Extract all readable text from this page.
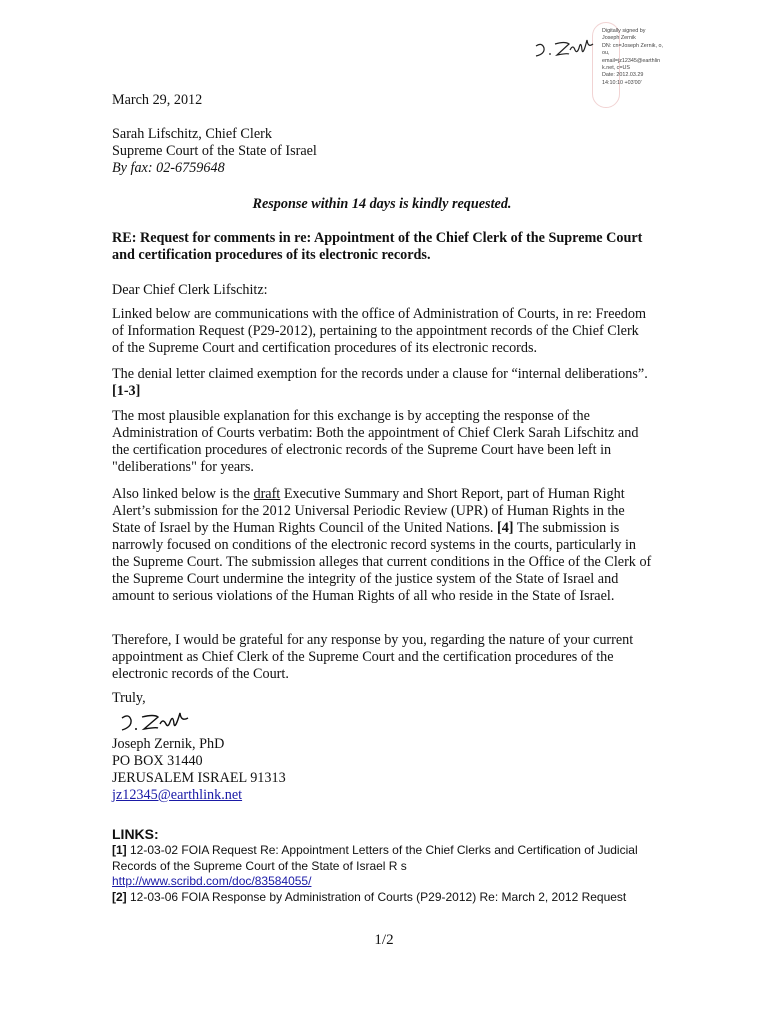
Digitally signed by
Joseph Zernik
DN: cn=Joseph Zernik, o,
ou,
email=jz12345@earthlin
k.net, c=US
Date: 2012.03.29
14:10:10 +03'00'
March 29, 2012
Sarah Lifschitz, Chief Clerk
Supreme Court of the State of Israel
By fax: 02-6759648
Response within 14 days is kindly requested.
RE: Request for comments in re: Appointment of the Chief Clerk of the Supreme Court and certification procedures of its electronic records.
Dear Chief Clerk Lifschitz:

Linked below are communications with the office of Administration of Courts, in re: Freedom of Information Request (P29-2012), pertaining to the appointment records of the Chief Clerk of the Supreme Court and certification procedures of its electronic records.

The denial letter claimed exemption for the records under a clause for “internal deliberations”. [1-3]

The most plausible explanation for this exchange is by accepting the response of the Administration of Courts verbatim: Both the appointment of Chief Clerk Sarah Lifschitz and the certification procedures of electronic records of the Supreme Court have been left in "deliberations" for years.

Also linked below is the draft Executive Summary and Short Report, part of Human Right Alert’s submission for the 2012 Universal Periodic Review (UPR) of Human Rights in the State of Israel by the Human Rights Council of the United Nations. [4] The submission is narrowly focused on conditions of the electronic record systems in the courts, particularly in the Supreme Court. The submission alleges that current conditions in the Office of the Clerk of the Supreme Court undermine the integrity of the justice system of the State of Israel and amount to serious violations of the Human Rights of all who reside in the State of Israel.

Therefore, I would be grateful for any response by you, regarding the nature of your current appointment as Chief Clerk of the Supreme Court and the certification procedures of the electronic records of the Court.

Truly,
Joseph Zernik, PhD
PO BOX 31440
JERUSALEM ISRAEL 91313
jz12345@earthlink.net
LINKS:
[1] 12-03-02 FOIA Request Re: Appointment Letters of the Chief Clerks and Certification of Judicial Records of the Supreme Court of the State of Israel R s
http://www.scribd.com/doc/83584055/
[2] 12-03-06 FOIA Response by Administration of Courts (P29-2012) Re: March 2, 2012 Request
1/2
